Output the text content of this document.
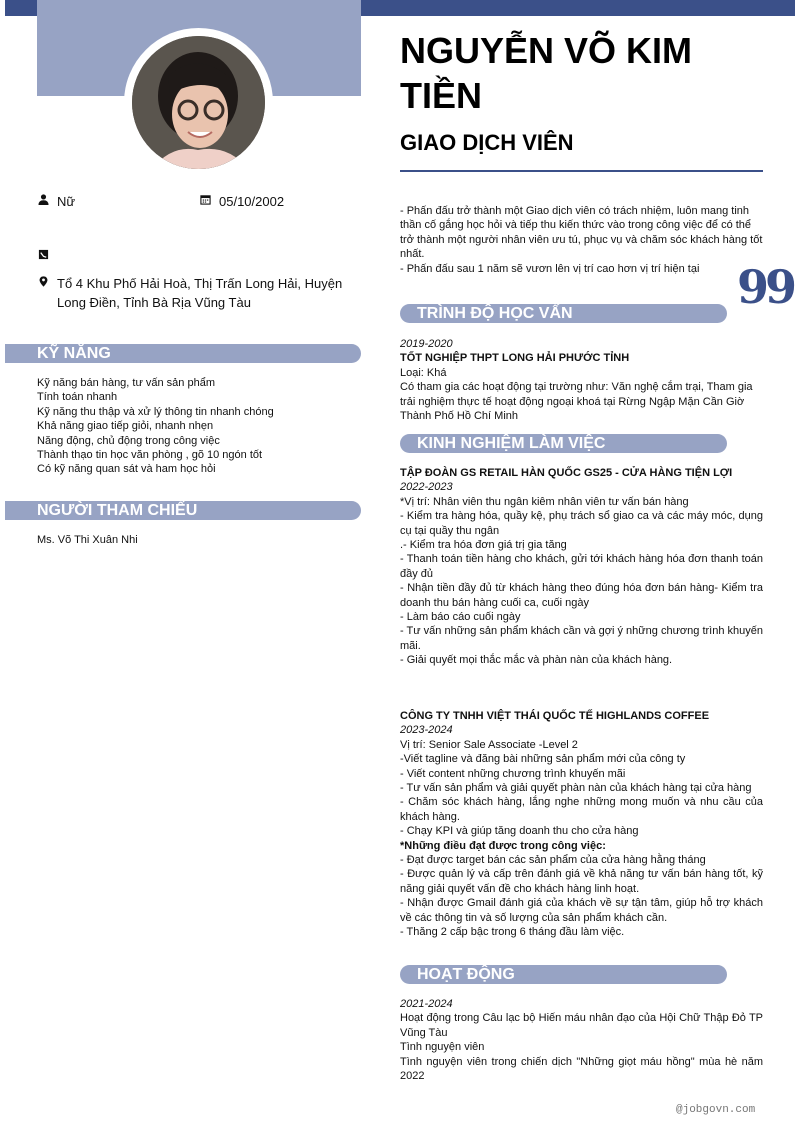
Nữ	05/10/2002
Tổ 4 Khu Phố Hải Hoà, Thị Trấn Long Hải, Huyện Long Điền, Tỉnh Bà Rịa Vũng Tàu
KỸ NĂNG
Kỹ năng bán hàng, tư vấn sản phẩm
Tính toán nhanh
Kỹ năng thu thập và xử lý thông tin nhanh chóng
Khả năng giao tiếp giỏi, nhanh nhẹn
Năng động, chủ động trong công việc
Thành thạo tin học văn phòng , gõ 10 ngón tốt
Có kỹ năng quan sát và ham học hỏi
NGƯỜI THAM CHIẾU
Ms. Võ Thi Xuân Nhi
NGUYỄN VÕ KIM TIỀN
GIAO DỊCH VIÊN
- Phấn đấu trở thành một Giao dịch viên có trách nhiệm, luôn mang tinh thần cố gắng học hỏi và tiếp thu kiến thức vào trong công việc để có thể trở thành một người nhân viên ưu tú, phục vụ và chăm sóc khách hàng tốt nhất.
- Phấn đấu sau 1 năm sẽ vươn lên vị trí cao hơn vị trí hiện tại 99
TRÌNH ĐỘ HỌC VẤN
2019-2020
TỐT NGHIỆP THPT LONG HẢI PHƯỚC TỈNH
Loại: Khá
Có tham gia các hoạt động tại trường như: Văn nghệ cắm trại, Tham gia trải nghiệm thực tế hoạt động ngoại khoá tại Rừng Ngập Mặn Cần Giờ Thành Phố Hồ Chí Minh
KINH NGHIỆM LÀM VIỆC
TẬP ĐOÀN GS RETAIL HÀN QUỐC GS25 - CỬA HÀNG TIỆN LỢI
2022-2023
*Vị trí: Nhân viên thu ngân kiêm nhân viên tư vấn bán hàng
- Kiểm tra hàng hóa, quầy kệ, phụ trách sổ giao ca và các máy móc, dụng cụ tại quầy thu ngân
.- Kiểm tra hóa đơn giá trị gia tăng
- Thanh toán tiền hàng cho khách, gửi tới khách hàng hóa đơn thanh toán đầy đủ
- Nhận tiền đầy đủ từ khách hàng theo đúng hóa đơn bán hàng- Kiểm tra doanh thu bán hàng cuối ca, cuối ngày
- Làm báo cáo cuối ngày
- Tư vấn những sản phẩm khách cần và gợi ý những chương trình khuyến mãi.
- Giải quyết mọi thắc mắc và phàn nàn của khách hàng.
CÔNG TY TNHH VIỆT THÁI QUỐC TẾ HIGHLANDS COFFEE
2023-2024
Vị trí: Senior Sale Associate -Level 2
-Viết tagline và đăng bài những sản phẩm mới của công ty
- Viết content những chương trình khuyến mãi
- Tư vấn sản phẩm và giải quyết phàn nàn của khách hàng tại cửa hàng
- Chăm sóc khách hàng, lắng nghe những mong muốn và nhu cầu của khách hàng.
- Chạy KPI và giúp tăng doanh thu cho cửa hàng
*Những điều đạt được trong công việc:
- Đạt được target bán các sản phẩm của cửa hàng hằng tháng
- Được quản lý và cấp trên đánh giá về khả năng tư vấn bán hàng tốt, kỹ năng giải quyết vấn đề cho khách hàng linh hoạt.
- Nhận được Gmail đánh giá của khách về sự tận tâm, giúp hỗ trợ khách về các thông tin và số lượng của sản phẩm khách cần.
- Thăng 2 cấp bậc trong 6 tháng đầu làm việc.
HOẠT ĐỘNG
2021-2024
Hoạt động trong Câu lạc bộ Hiến máu nhân đạo của Hội Chữ Thập Đỏ TP Vũng Tàu
Tình nguyện viên
Tình nguyện viên trong chiến dịch "Những giọt máu hồng" mùa hè năm 2022
@jobgovn.com
